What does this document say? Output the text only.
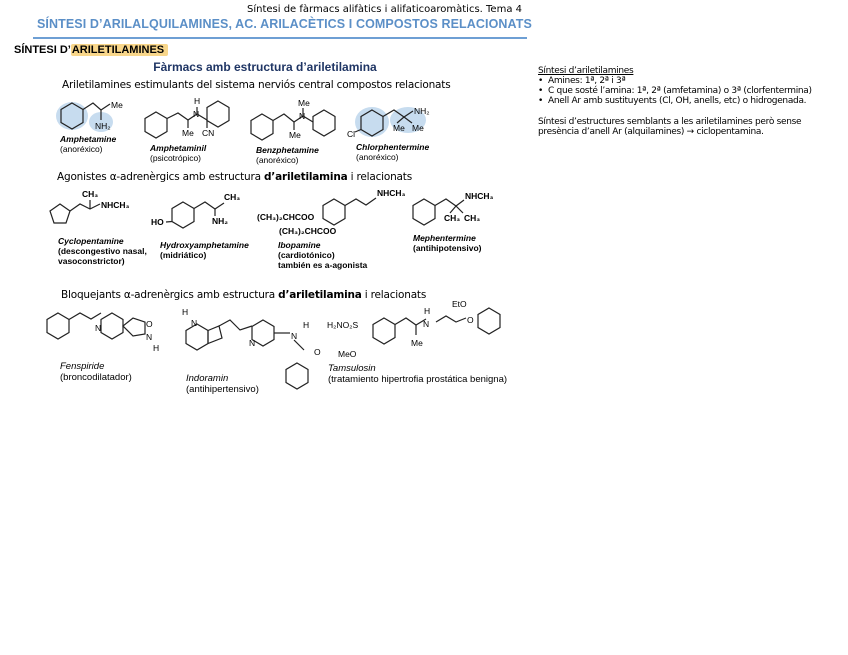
Síntesi de fàrmacs alifàtics i alifaticoaromàtics. Tema 4
SÍNTESI D’ARILALQUILAMINES, AC. ARILACÈTICS I COMPOSTOS RELACIONATS
SÍNTESI D’ARILETILAMINES
Fàrmacs amb estructura d’ariletilamina
Ariletilamines estimulants del sistema nerviós central compostos relacionats
Agonistes α-adrenèrgics amb estructura d’ariletilamina i relacionats
Bloquejants α-adrenèrgics amb estructura d’ariletilamina i relacionats
Me
NH₂
H
N
Me CN
Me
N
Me	Cl
NH₂
Me Me
CH₃
NHCH₃
HO
CH₃
NH₂	(CH₃)₂CHCOO
(CH₃)₂CHCOO
NHCH₃	NHCH₃
CH₃ CH₃
N	O
N
H
H
N
N
N
H
O
H₂NO₂S
MeO
Me
H
N	O
EtO
Amphetamine
(anoréxico)	Amphetaminil
(psicotrópico)
Benzphetamine
(anoréxico)
Chlorphentermine
(anoréxico)
Cyclopentamine
(descongestivo nasal,
vasoconstrictor)
Hydroxyamphetamine
(midriático)
Ibopamine
(cardiotónico)
también es a-agonista
Mephentermine
(antihipotensivo)
Fenspiride
(broncodilatador)	Indoramin
(antihipertensivo)
Tamsulosin
(tratamiento hipertrofia prostática benigna)
Síntesi d’ariletilamines
• Amines: 1ª, 2ª i 3ª
• C que sosté l’amina: 1ª, 2ª (amfetamina) o 3ª (clorfentermina)
• Anell Ar amb sustituyents (Cl, OH, anells, etc) o hidrogenada.

Síntesi d’estructures semblants a les ariletilamines però sense presència d’anell Ar (alquilamines) → ciclopentamina.
